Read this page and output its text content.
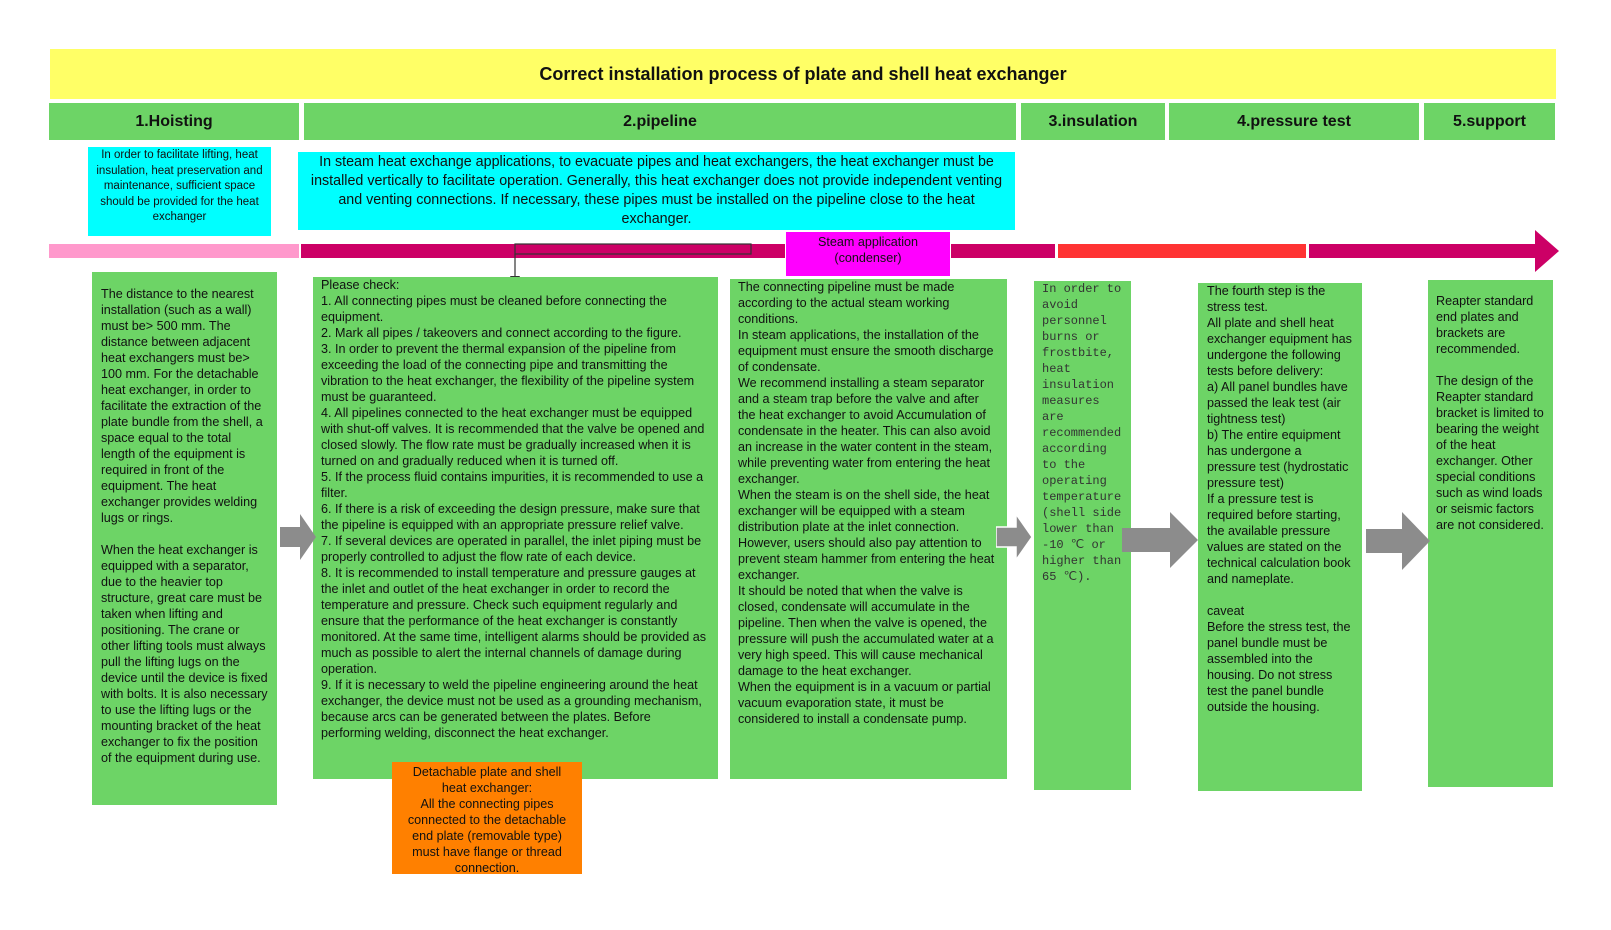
Correct installation process of plate and shell heat exchanger
1.Hoisting	2.pipeline	3.insulation	4.pressure test	5.support
In order to facilitate lifting, heat insulation, heat preservation and maintenance, sufficient space should be provided for the heat exchanger
In steam heat exchange applications, to evacuate pipes and heat exchangers, the heat exchanger must be installed vertically to facilitate operation. Generally, this heat exchanger does not provide independent venting and venting connections. If necessary, these pipes must be installed on the pipeline close to the heat exchanger.
Steam application
(condenser)
The distance to the nearest installation (such as a wall) must be> 500 mm. The distance between adjacent heat exchangers must be> 100 mm. For the detachable heat exchanger, in order to facilitate the extraction of the plate bundle from the shell, a space equal to the total length of the equipment is required in front of the equipment. The heat exchanger provides welding lugs or rings.

When the heat exchanger is equipped with a separator, due to the heavier top structure, great care must be taken when lifting and positioning. The crane or other lifting tools must always pull the lifting lugs on the device until the device is fixed with bolts. It is also necessary to use the lifting lugs or the mounting bracket of the heat exchanger to fix the position of the equipment during use.
Please check:
1. All connecting pipes must be cleaned before connecting the equipment.
2. Mark all pipes / takeovers and connect according to the figure.
3. In order to prevent the thermal expansion of the pipeline from exceeding the load of the connecting pipe and transmitting the vibration to the heat exchanger, the flexibility of the pipeline system must be guaranteed.
4. All pipelines connected to the heat exchanger must be equipped with shut-off valves. It is recommended that the valve be opened and closed slowly. The flow rate must be gradually increased when it is turned on and gradually reduced when it is turned off.
5. If the process fluid contains impurities, it is recommended to use a filter.
6. If there is a risk of exceeding the design pressure, make sure that the pipeline is equipped with an appropriate pressure relief valve.
7. If several devices are operated in parallel, the inlet piping must be properly controlled to adjust the flow rate of each device.
8. It is recommended to install temperature and pressure gauges at the inlet and outlet of the heat exchanger in order to record the temperature and pressure. Check such equipment regularly and ensure that the performance of the heat exchanger is constantly monitored. At the same time, intelligent alarms should be provided as much as possible to alert the internal channels of damage during operation.
9. If it is necessary to weld the pipeline engineering around the heat exchanger, the device must not be used as a grounding mechanism, because arcs can be generated between the plates. Before performing welding, disconnect the heat exchanger.
The connecting pipeline must be made according to the actual steam working conditions.
In steam applications, the installation of the equipment must ensure the smooth discharge of condensate.
We recommend installing a steam separator and a steam trap before the valve and after the heat exchanger to avoid Accumulation of condensate in the heater. This can also avoid an increase in the water content in the steam, while preventing water from entering the heat exchanger.
When the steam is on the shell side, the heat exchanger will be equipped with a steam distribution plate at the inlet connection. However, users should also pay attention to prevent steam hammer from entering the heat exchanger.
It should be noted that when the valve is closed, condensate will accumulate in the pipeline. Then when the valve is opened, the pressure will push the accumulated water at a very high speed. This will cause mechanical damage to the heat exchanger.
When the equipment is in a vacuum or partial vacuum evaporation state, it must be considered to install a condensate pump.
In order to avoid personnel burns or frostbite, heat insulation measures are recommended according to the operating temperature (shell side lower than -10 ℃ or higher than 65 ℃).
The fourth step is the stress test.
All plate and shell heat exchanger equipment has undergone the following tests before delivery:
a) All panel bundles have passed the leak test (air tightness test)
b) The entire equipment has undergone a pressure test (hydrostatic pressure test)
If a pressure test is required before starting, the available pressure values are stated on the technical calculation book and nameplate.

caveat
Before the stress test, the panel bundle must be assembled into the housing. Do not stress test the panel bundle outside the housing.
Reapter standard end plates and brackets are recommended.

The design of the Reapter standard bracket is limited to bearing the weight of the heat exchanger. Other special conditions such as wind loads or seismic factors are not considered.
Detachable plate and shell heat exchanger:
All the connecting pipes connected to the detachable end plate (removable type) must have flange or thread connection.
